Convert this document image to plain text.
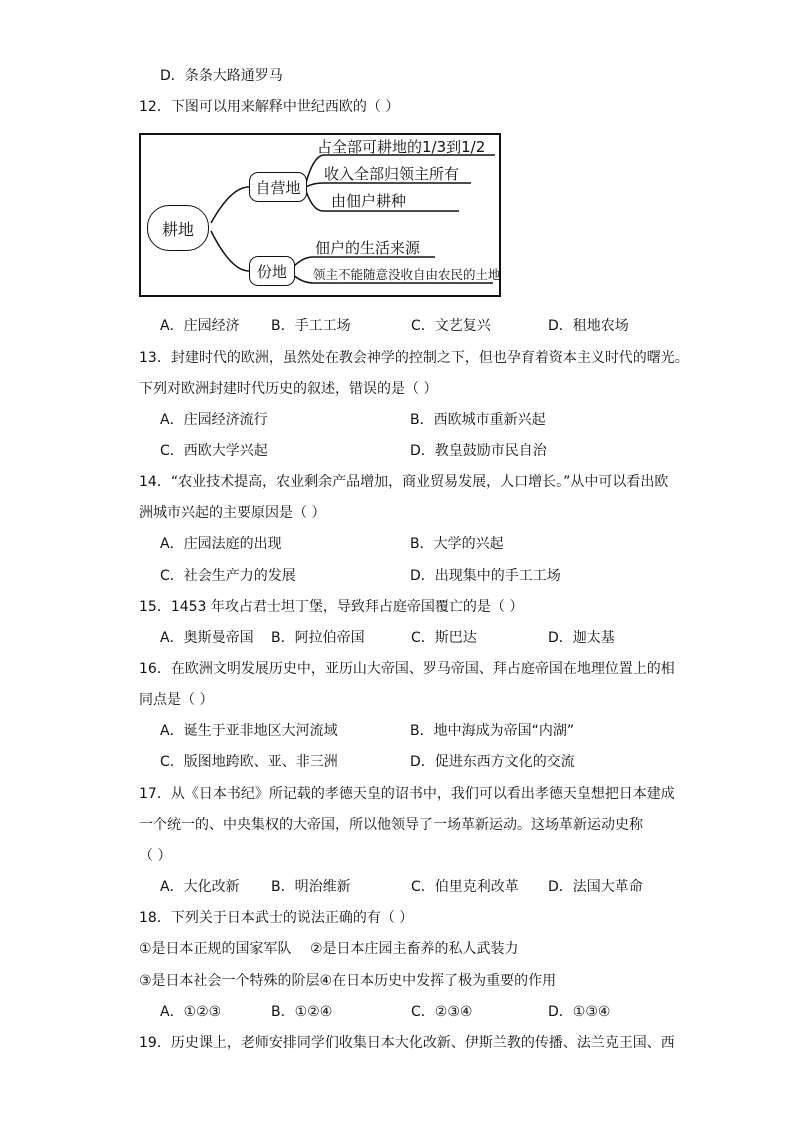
D．条条大路通罗马
12．下图可以用来解释中世纪西欧的（ ）
耕地
自营地
份地
占全部可耕地的1/3到1/2
收入全部归领主所有
由佃户耕种
佃户的生活来源
领主不能随意没收自由农民的土地
A．庄园经济 B．手工工场	C．文艺复兴	D．租地农场
13．封建时代的欧洲，虽然处在教会神学的控制之下，但也孕育着资本主义时代的曙光。
下列对欧洲封建时代历史的叙述，错误的是（ ）
A．庄园经济流行	B．西欧城市重新兴起
C．西欧大学兴起	D．教皇鼓励市民自治
14．“农业技术提高，农业剩余产品增加，商业贸易发展，人口增长。”从中可以看出欧
洲城市兴起的主要原因是（ ）
A．庄园法庭的出现	B．大学的兴起
C．社会生产力的发展	D．出现集中的手工工场
15．1453 年攻占君士坦丁堡，导致拜占庭帝国覆亡的是（ ）
A．奥斯曼帝国 B．阿拉伯帝国	C．斯巴达	D．迦太基
16．在欧洲文明发展历史中，亚历山大帝国、罗马帝国、拜占庭帝国在地理位置上的相
同点是（ ）
A．诞生于亚非地区大河流域	B．地中海成为帝国“内湖”
C．版图地跨欧、亚、非三洲	D．促进东西方文化的交流
17．从《日本书纪》所记载的孝德天皇的诏书中，我们可以看出孝德天皇想把日本建成
一个统一的、中央集权的大帝国，所以他领导了一场革新运动。这场革新运动史称
（ ）
A．大化改新 B．明治维新	C．伯里克利改革 D．法国大革命
18．下列关于日本武士的说法正确的有（ ）
①是日本正规的国家军队 ②是日本庄园主畜养的私人武装力
③是日本社会一个特殊的阶层④在日本历史中发挥了极为重要的作用
A．①②③	B．①②④	C．②③④	D．①③④
19．历史课上，老师安排同学们收集日本大化改新、伊斯兰教的传播、法兰克王国、西
